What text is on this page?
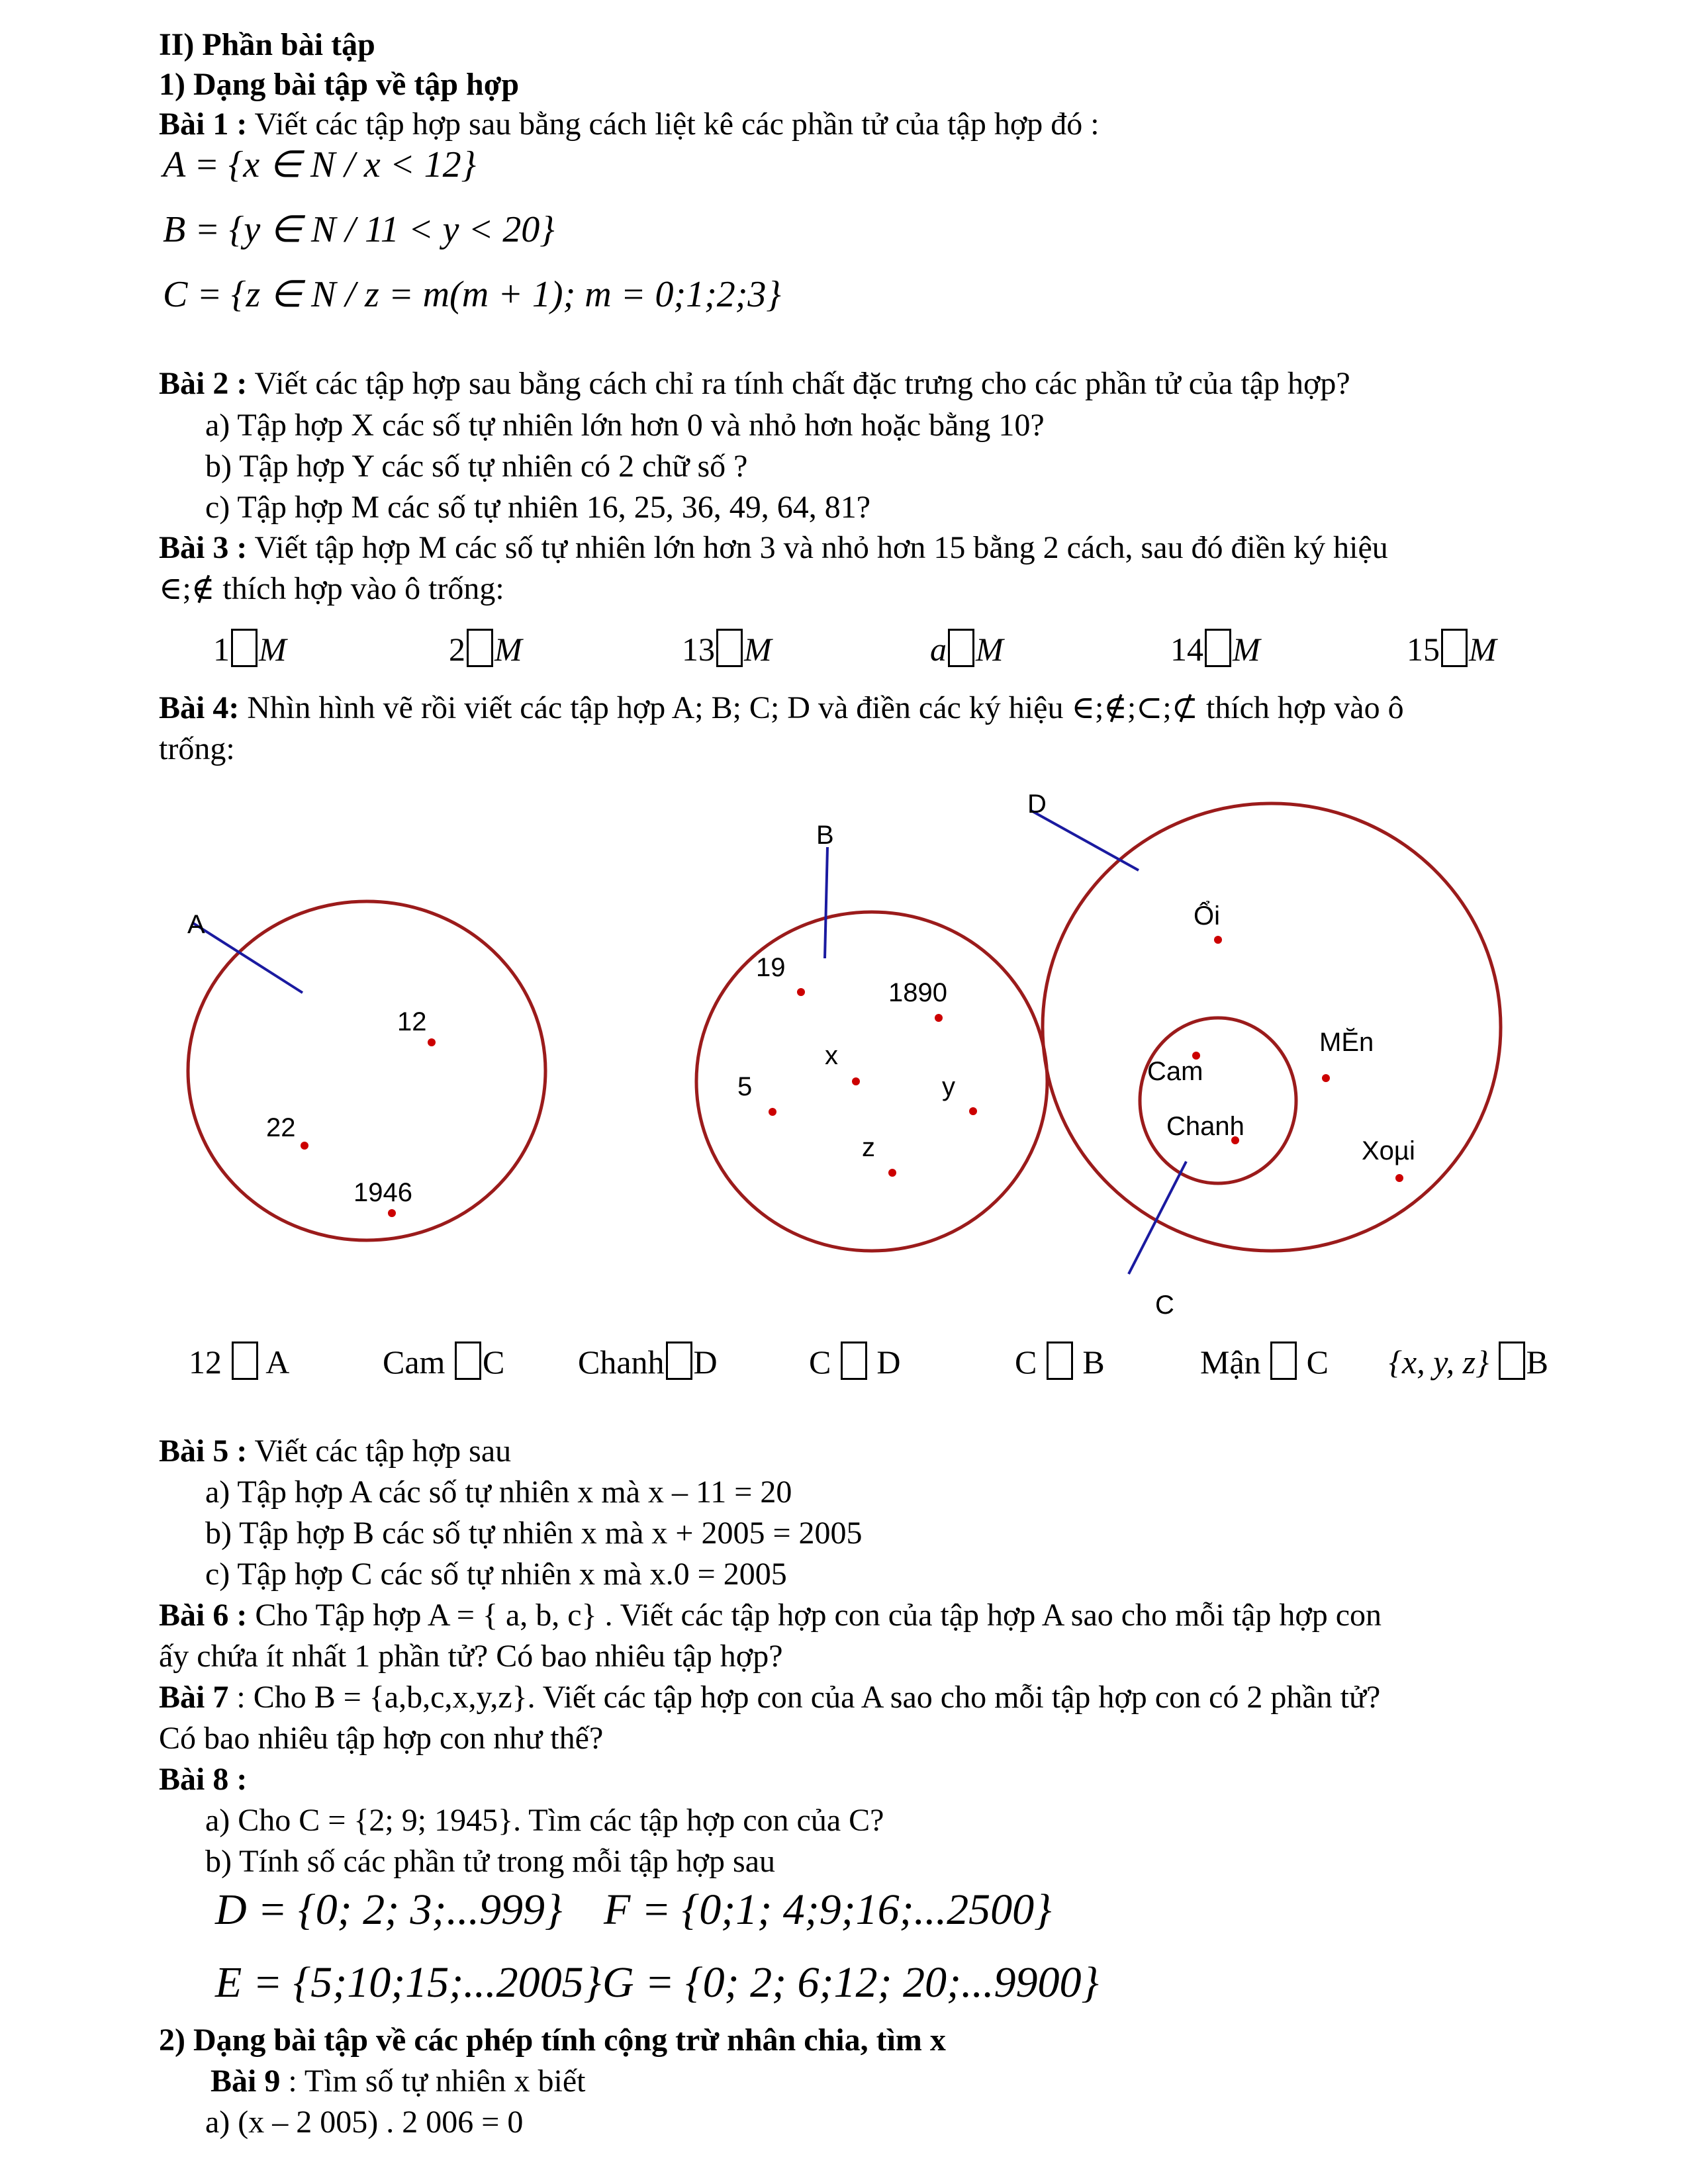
II) Phần bài tập
1) Dạng bài tập về tập hợp
Bài 1 : Viết các tập hợp sau bằng cách liệt kê các phần tử của tập hợp đó :
A = {x ∈ N / x < 12}
B = {y ∈ N / 11 < y < 20}
C = {z ∈ N / z = m(m + 1); m = 0;1;2;3}
Bài 2 : Viết các tập hợp sau bằng cách chỉ ra tính chất đặc trưng cho các phần tử của tập hợp?
a) Tập hợp X các số tự nhiên lớn hơn 0 và nhỏ hơn hoặc bằng 10?
b) Tập hợp Y các số tự nhiên có 2 chữ số ?
c) Tập hợp M các số tự nhiên 16, 25, 36, 49, 64, 81?
Bài 3 : Viết tập hợp M các số tự nhiên lớn hơn 3 và nhỏ hơn 15 bằng 2 cách, sau đó điền ký hiệu
∈;∉ thích hợp vào ô trống:
1 M	2 M	13 M	a M	14 M	15 M
Bài 4: Nhìn hình vẽ rồi viết các tập hợp A; B; C; D và điền các ký hiệu ∈;∉;⊂;⊄ thích hợp vào ô
trống:
A
12
22
1946
B
19
1890
x
5	y
z
D
Ổi
MĔn
Xoµi
C
Cam
Chanh
12 A	Cam C Chanh D	C D	C B	Mận C {x, y, z} B
Bài 5 : Viết các tập hợp sau
a) Tập hợp A các số tự nhiên x mà x – 11 = 20
b) Tập hợp B các số tự nhiên x mà x + 2005 = 2005
c) Tập hợp C các số tự nhiên x mà x.0 = 2005
Bài 6 : Cho Tập hợp A = { a, b, c} . Viết các tập hợp con của tập hợp A sao cho mỗi tập hợp con
ấy chứa ít nhất 1 phần tử? Có bao nhiêu tập hợp?
Bài 7 : Cho B = {a,b,c,x,y,z}. Viết các tập hợp con của A sao cho mỗi tập hợp con có 2 phần tử?
Có bao nhiêu tập hợp con như thế?
Bài 8 :
a) Cho C = {2; 9; 1945}. Tìm các tập hợp con của C?
b) Tính số các phần tử trong mỗi tập hợp sau
D = {0; 2; 3;...999} F = {0;1; 4;9;16;...2500}
E = {5;10;15;...2005} G = {0; 2; 6;12; 20;...9900}
2) Dạng bài tập về các phép tính cộng trừ nhân chia, tìm x
Bài 9 : Tìm số tự nhiên x biết
a) (x – 2 005) . 2 006 = 0
